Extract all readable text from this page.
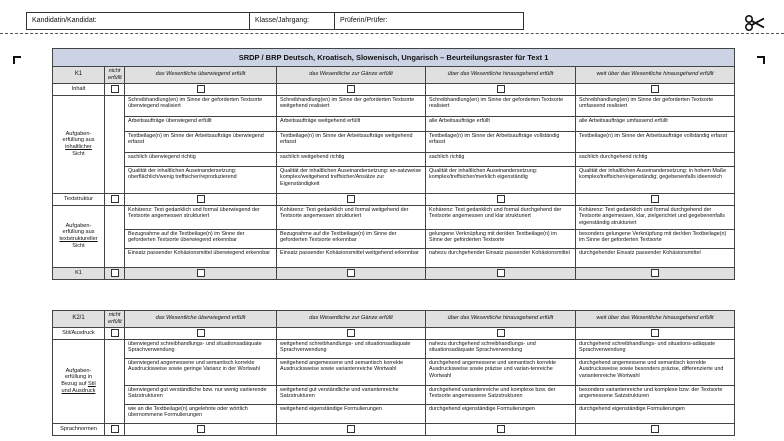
Kandidatin/Kandidat:	Klasse/Jahrgang:	Prüferin/Prüfer:
SRDP / BRP Deutsch, Kroatisch, Slowenisch, Ungarisch – Beurteilungsraster für Text 1					
K1	nicht erfüllt	das Wesentliche überwiegend erfüllt	das Wesentliche zur Gänze erfüllt	über das Wesentliche hinausgehend erfüllt	weit über das Wesentliche hinausgehend erfüllt
Inhalt					
Aufgaben-
erfüllung aus
inhaltlicher
Sicht		Schreibhandlung(en) im Sinne der geforderten Textsorte überwiegend realisiert	Schreibhandlung(en) im Sinne der geforderten Textsorte weitgehend realisiert	Schreibhandlung(en) im Sinne der geforderten Textsorte realisiert	Schreibhandlung(en) im Sinne der geforderten Textsorte umfassend realisiert
		Arbeitsaufträge überwiegend erfüllt	Arbeitsaufträge weitgehend erfüllt	alle Arbeitsaufträge erfüllt	alle Arbeitsaufträge umfassend erfüllt
		Textbeilage(n) im Sinne der Arbeitsaufträge überwiegend erfasst	Textbeilage(n) im Sinne der Arbeitsaufträge weitgehend erfasst	Textbeilage(n) im Sinne der Arbeitsaufträge vollständig erfasst	Textbeilage(n) im Sinne der Arbeitsaufträge vollständig erfasst
		sachlich überwiegend richtig	sachlich weitgehend richtig	sachlich richtig	sachlich durchgehend richtig
		Qualität der inhaltlichen Auseinandersetzung: oberflächlich/wenig treffsicher/reproduzierend	Qualität der inhaltlichen Auseinandersetzung: an-satzweise komplex/weitgehend treffsicher/Ansätze zur Eigenständigkeit	Qualität der inhaltlichen Auseinandersetzung: komplex/treffsicher/merklich eigenständig	Qualität der inhaltlichen Auseinandersetzung: in hohem Maße komplex/treffsicher/eigenständig; gegebenenfalls ideenreich
Textstruktur					
Aufgaben-
erfüllung aus
textstruktureller
Sicht		Kohärenz: Text gedanklich und formal überwiegend der Textsorte angemessen strukturiert	Kohärenz: Text gedanklich und formal weitgehend der Textsorte angemessen strukturiert	Kohärenz: Text gedanklich und formal durchgehend der Textsorte angemessen und klar strukturiert	Kohärenz: Text gedanklich und formal durchgehend der Textsorte angemessen, klar, zielgerichtet und gegebenenfalls eigenständig strukturiert
		Bezugnahme auf die Textbeilage(n) im Sinne der geforderten Textsorte überwiegend erkennbar	Bezugnahme auf die Textbeilage(n) im Sinne der geforderten Textsorte erkennbar	gelungene Verknüpfung mit der/den Textbeilage(n) im Sinne der geforderten Textsorte	besonders gelungene Verknüpfung mit der/den Textbeilage(n) im Sinne der geforderten Textsorte
		Einsatz passender Kohäsionsmittel überwiegend erkennbar	Einsatz passender Kohäsionsmittel weitgehend erkennbar	nahezu durchgehender Einsatz passender Kohäsionsmittel	durchgehender Einsatz passender Kohäsionsmittel
K1					
K2/1	nicht erfüllt	das Wesentliche überwiegend erfüllt	das Wesentliche zur Gänze erfüllt	über das Wesentliche hinausgehend erfüllt	weit über das Wesentliche hinausgehend erfüllt
Stil/Ausdruck					
Aufgaben-
erfüllung in
Bezug auf Stil
und Ausdruck		überwiegend schreibhandlungs- und situationsadäquate Sprachverwendung	weitgehend schreibhandlungs- und situationsadäquate Sprachverwendung	nahezu durchgehend schreibhandlungs- und situationsadäquate Sprachverwendung	durchgehend schreibhandlungs- und situations-adäquate Sprachverwendung
		überwiegend angemessene und semantisch korrekte Ausdrucksweise sowie geringe Varianz in der Wortwahl	weitgehend angemessene und semantisch korrekte Ausdrucksweise sowie variantenreiche Wortwahl	durchgehend angemessene und semantisch korrekte Ausdrucksweise sowie präzise und varian-tenreiche Wortwahl	durchgehend angemessene und semantisch korrekte Ausdrucksweise sowie besonders präzise, differenzierte und variantenreiche Wortwahl
		überwiegend gut verständliche bzw. nur wenig variierende Satzstrukturen	weitgehend gut verständliche und variantenreiche Satzstrukturen	durchgehend variantenreiche und komplexe bzw. der Textsorte angemessene Satzstrukturen	besonders variantenreiche und komplexe bzw. der Textsorte angemessene Satzstrukturen
		wie an die Textbeilage(n) angelehnte oder wörtlich übernommene Formulierungen	weitgehend eigenständige Formulierungen	durchgehend eigenständige Formulierungen	durchgehend eigenständige Formulierungen
Sprachnormen					
